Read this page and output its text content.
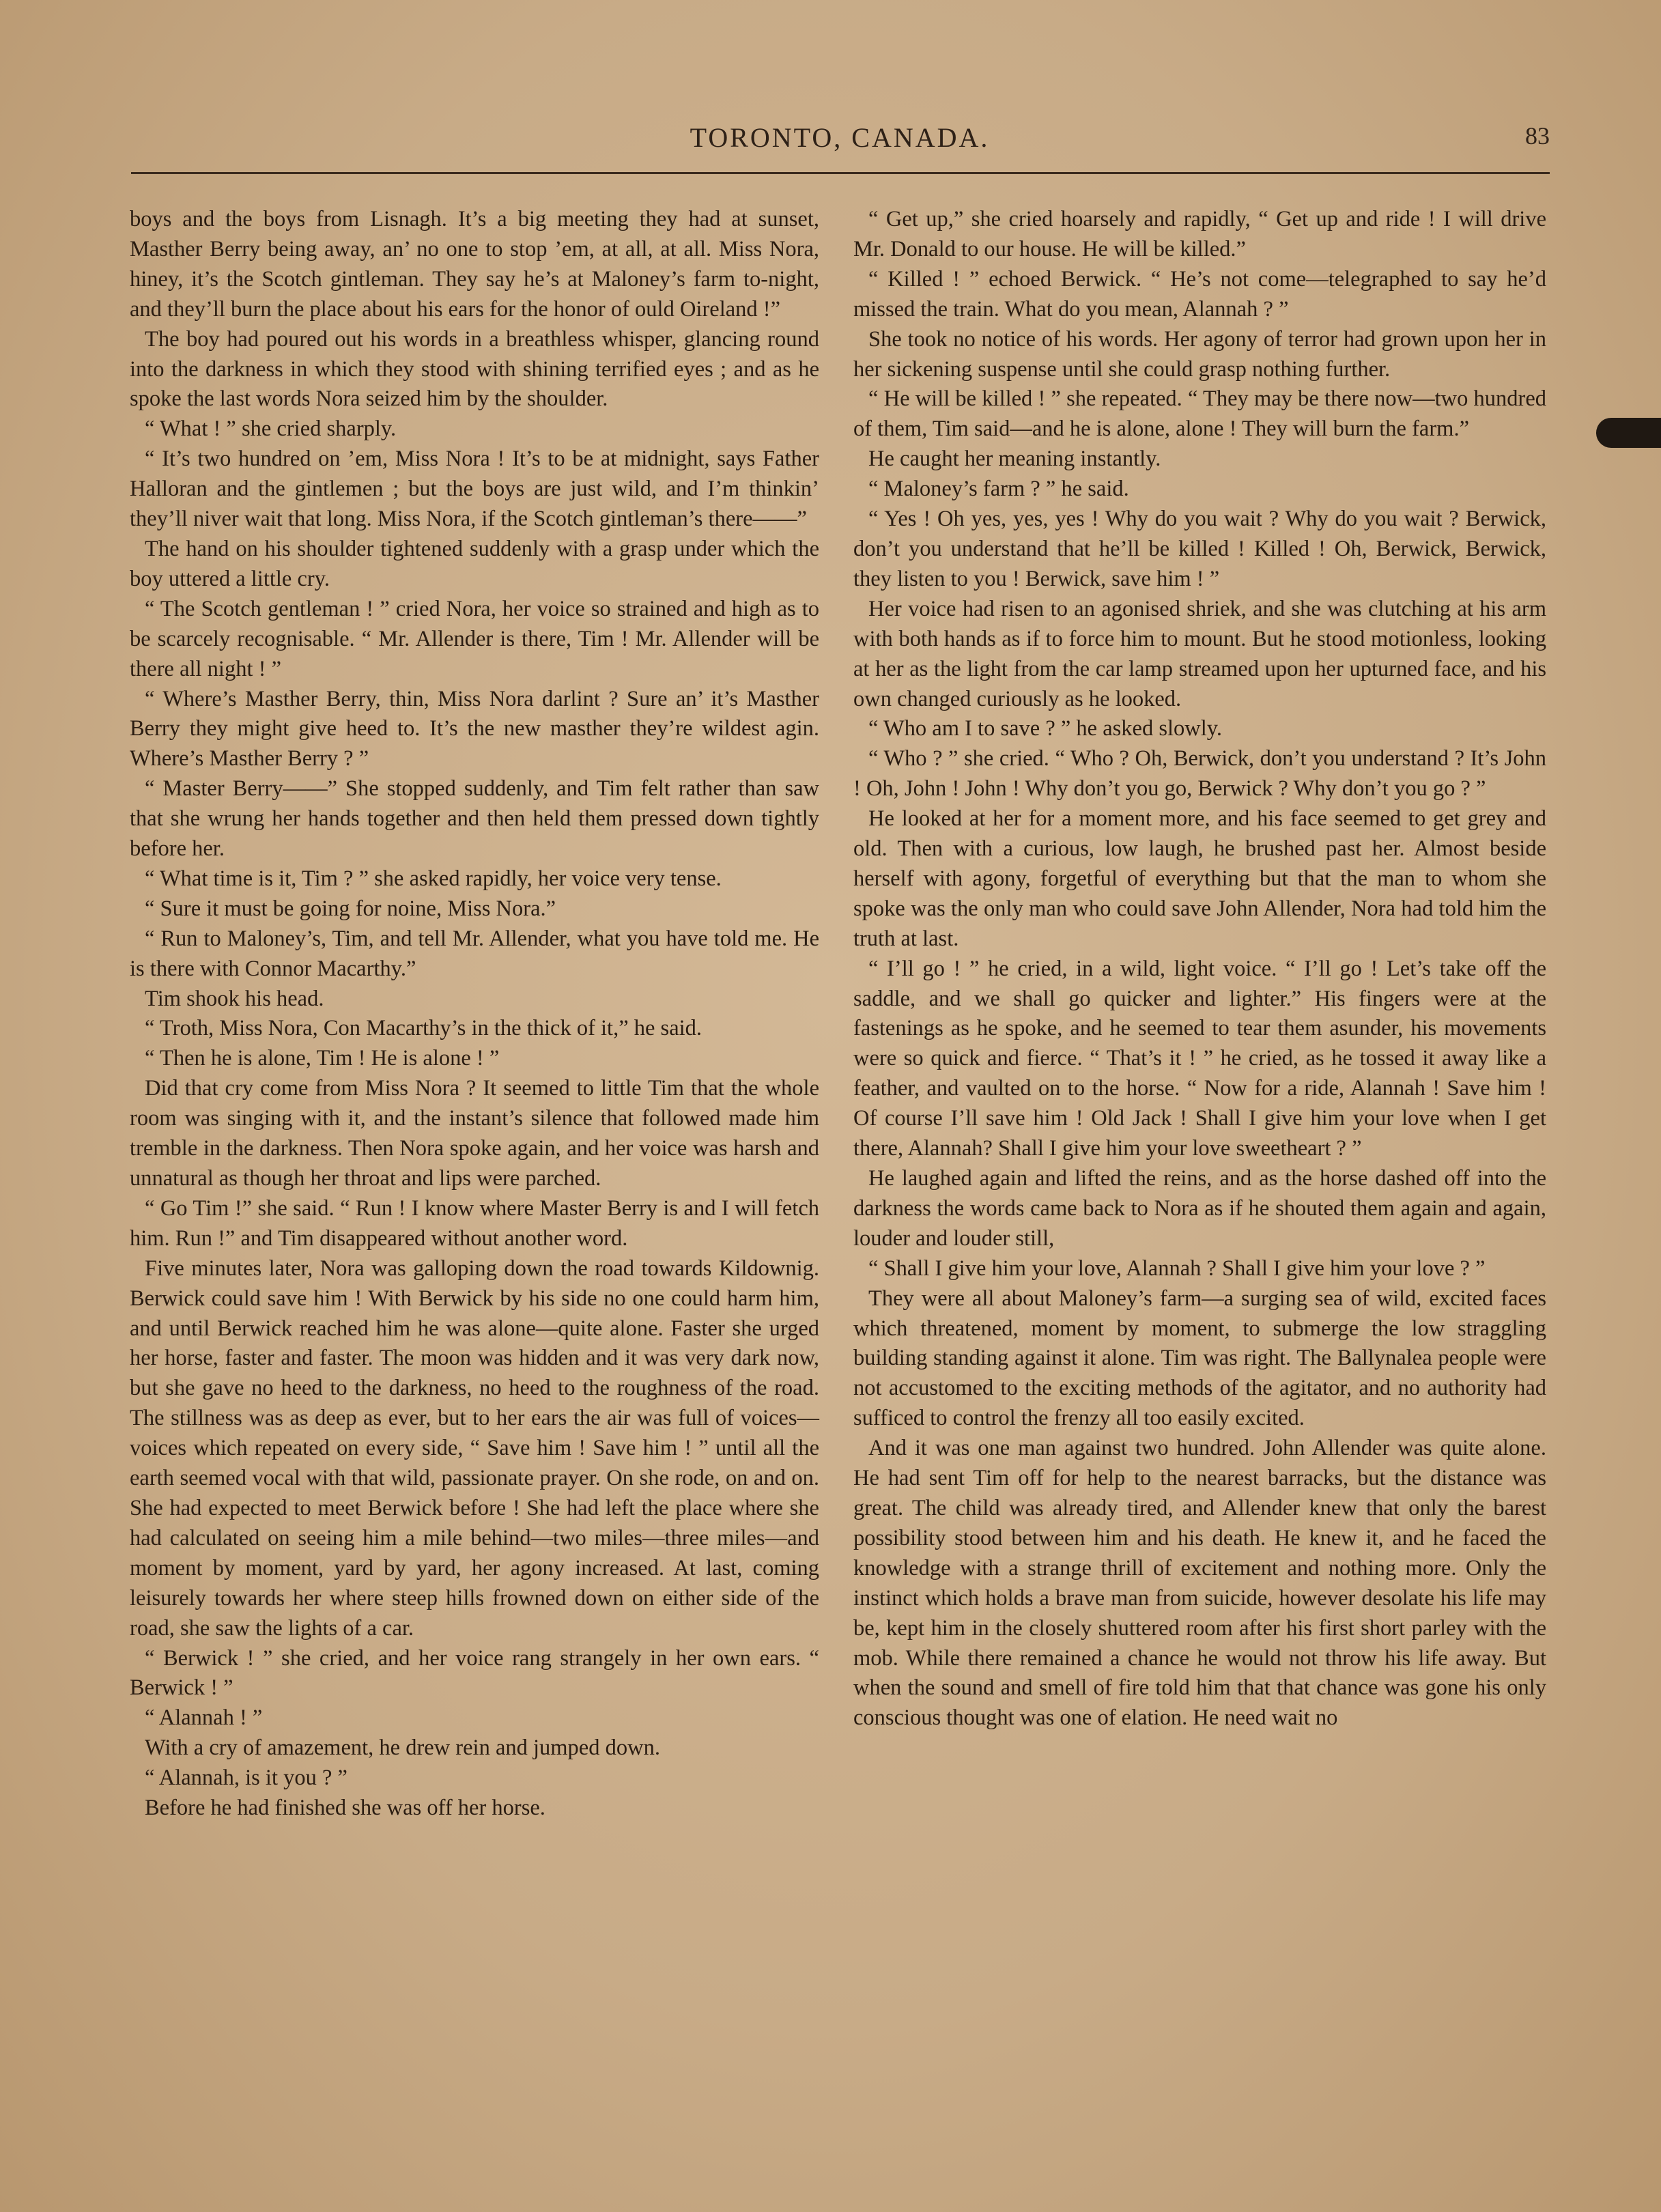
TORONTO, CANADA.	83

boys and the boys from Lisnagh. It’s a big meeting they had at sunset, Masther Berry being away, an’ no one to stop ’em, at all, at all. Miss Nora, hiney, it’s the Scotch gintleman. They say he’s at Maloney’s farm to-night, and they’ll burn the place about his ears for the honor of ould Oireland !”

The boy had poured out his words in a breathless whisper, glancing round into the darkness in which they stood with shining terrified eyes ; and as he spoke the last words Nora seized him by the shoulder.

“ What ! ” she cried sharply.

“ It’s two hundred on ’em, Miss Nora ! It’s to be at midnight, says Father Halloran and the gintlemen ; but the boys are just wild, and I’m thinkin’ they’ll niver wait that long. Miss Nora, if the Scotch gintleman’s there——”

The hand on his shoulder tightened suddenly with a grasp under which the boy uttered a little cry.

“ The Scotch gentleman ! ” cried Nora, her voice so strained and high as to be scarcely recognisable. “ Mr. Allender is there, Tim ! Mr. Allender will be there all night ! ”

“ Where’s Masther Berry, thin, Miss Nora darlint ? Sure an’ it’s Masther Berry they might give heed to. It’s the new masther they’re wildest agin. Where’s Masther Berry ? ”

“ Master Berry——” She stopped suddenly, and Tim felt rather than saw that she wrung her hands together and then held them pressed down tightly before her.

“ What time is it, Tim ? ” she asked rapidly, her voice very tense.

“ Sure it must be going for noine, Miss Nora.”

“ Run to Maloney’s, Tim, and tell Mr. Allender, what you have told me. He is there with Connor Macarthy.”

Tim shook his head.

“ Troth, Miss Nora, Con Macarthy’s in the thick of it,” he said.

“ Then he is alone, Tim ! He is alone ! ”

Did that cry come from Miss Nora ? It seemed to little Tim that the whole room was singing with it, and the instant’s silence that followed made him tremble in the darkness. Then Nora spoke again, and her voice was harsh and unnatural as though her throat and lips were parched.

“ Go Tim !” she said. “ Run ! I know where Master Berry is and I will fetch him. Run !” and Tim disappeared without another word.

Five minutes later, Nora was galloping down the road towards Kildownig. Berwick could save him ! With Berwick by his side no one could harm him, and until Berwick reached him he was alone—quite alone. Faster she urged her horse, faster and faster. The moon was hidden and it was very dark now, but she gave no heed to the darkness, no heed to the roughness of the road. The stillness was as deep as ever, but to her ears the air was full of voices—voices which repeated on every side, “ Save him ! Save him ! ” until all the earth seemed vocal with that wild, passionate prayer. On she rode, on and on. She had expected to meet Berwick before ! She had left the place where she had calculated on seeing him a mile behind—two miles—three miles—and moment by moment, yard by yard, her agony increased. At last, coming leisurely towards her where steep hills frowned down on either side of the road, she saw the lights of a car.

“ Berwick ! ” she cried, and her voice rang strangely in her own ears. “ Berwick ! ”

“ Alannah ! ”

With a cry of amazement, he drew rein and jumped down.

“ Alannah, is it you ? ”

Before he had finished she was off her horse.

“ Get up,” she cried hoarsely and rapidly, “ Get up and ride ! I will drive Mr. Donald to our house. He will be killed.”

“ Killed ! ” echoed Berwick. “ He’s not come—telegraphed to say he’d missed the train. What do you mean, Alannah ? ”

She took no notice of his words. Her agony of terror had grown upon her in her sickening suspense until she could grasp nothing further.

“ He will be killed ! ” she repeated. “ They may be there now—two hundred of them, Tim said—and he is alone, alone ! They will burn the farm.”

He caught her meaning instantly.

“ Maloney’s farm ? ” he said.

“ Yes ! Oh yes, yes, yes ! Why do you wait ? Why do you wait ? Berwick, don’t you understand that he’ll be killed ! Killed ! Oh, Berwick, Berwick, they listen to you ! Berwick, save him ! ”

Her voice had risen to an agonised shriek, and she was clutching at his arm with both hands as if to force him to mount. But he stood motionless, looking at her as the light from the car lamp streamed upon her upturned face, and his own changed curiously as he looked.

“ Who am I to save ? ” he asked slowly.

“ Who ? ” she cried. “ Who ? Oh, Berwick, don’t you understand ? It’s John ! Oh, John ! John ! Why don’t you go, Berwick ? Why don’t you go ? ”

He looked at her for a moment more, and his face seemed to get grey and old. Then with a curious, low laugh, he brushed past her. Almost beside herself with agony, forgetful of everything but that the man to whom she spoke was the only man who could save John Allender, Nora had told him the truth at last.

“ I’ll go ! ” he cried, in a wild, light voice. “ I’ll go ! Let’s take off the saddle, and we shall go quicker and lighter.” His fingers were at the fastenings as he spoke, and he seemed to tear them asunder, his movements were so quick and fierce. “ That’s it ! ” he cried, as he tossed it away like a feather, and vaulted on to the horse. “ Now for a ride, Alannah ! Save him ! Of course I’ll save him ! Old Jack ! Shall I give him your love when I get there, Alannah? Shall I give him your love sweetheart ? ”

He laughed again and lifted the reins, and as the horse dashed off into the darkness the words came back to Nora as if he shouted them again and again, louder and louder still,

“ Shall I give him your love, Alannah ? Shall I give him your love ? ”

They were all about Maloney’s farm—a surging sea of wild, excited faces which threatened, moment by moment, to submerge the low straggling building standing against it alone. Tim was right. The Ballynalea people were not accustomed to the exciting methods of the agitator, and no authority had sufficed to control the frenzy all too easily excited.

And it was one man against two hundred. John Allender was quite alone. He had sent Tim off for help to the nearest barracks, but the distance was great. The child was already tired, and Allender knew that only the barest possibility stood between him and his death. He knew it, and he faced the knowledge with a strange thrill of excitement and nothing more. Only the instinct which holds a brave man from suicide, however desolate his life may be, kept him in the closely shuttered room after his first short parley with the mob. While there remained a chance he would not throw his life away. But when the sound and smell of fire told him that that chance was gone his only conscious thought was one of elation. He need wait no
